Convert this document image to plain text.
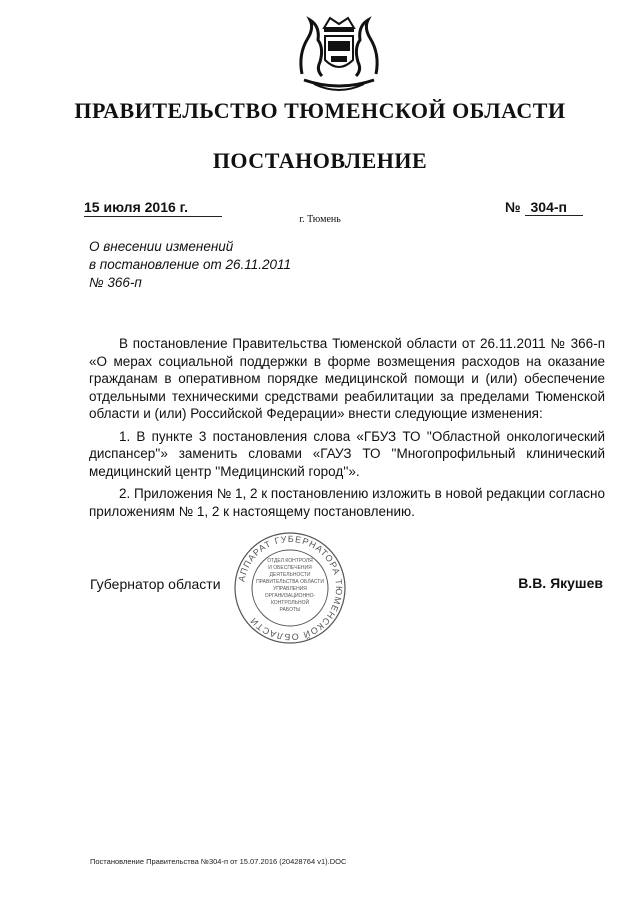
ПРАВИТЕЛЬСТВО ТЮМЕНСКОЙ ОБЛАСТИ
ПОСТАНОВЛЕНИЕ
15 июля 2016 г.	№ 304-п
г. Тюмень
О внесении изменений
в постановление от 26.11.2011
№ 366-п

В постановление Правительства Тюменской области от 26.11.2011 № 366-п «О мерах социальной поддержки в форме возмещения расходов на оказание гражданам в оперативном порядке медицинской помощи и (или) обеспечение отдельными техническими средствами реабилитации за пределами Тюменской области и (или) Российской Федерации» внести следующие изменения:

1. В пункте 3 постановления слова «ГБУЗ ТО ''Областной онкологический диспансер''» заменить словами «ГАУЗ ТО ''Многопрофильный клинический медицинский центр ''Медицинский город''».

2. Приложения № 1, 2 к постановлению изложить в новой редакции согласно приложениям № 1, 2 к настоящему постановлению.

АППАРАТ ГУБЕРНАТОРА ТЮМЕНСКОЙ ОБЛАСТИ
ОТДЕЛ КОНТРОЛЯ
И ОБЕСПЕЧЕНИЯ
ДЕЯТЕЛЬНОСТИ
ПРАВИТЕЛЬСТВА ОБЛАСТИ
УПРАВЛЕНИЯ
ОРГАНИЗАЦИОННО-
КОНТРОЛЬНОЙ
РАБОТЫ
Губернатор области	В.В. Якушев
Постановление Правительства №304-п от 15.07.2016 (20428764 v1).DOC
